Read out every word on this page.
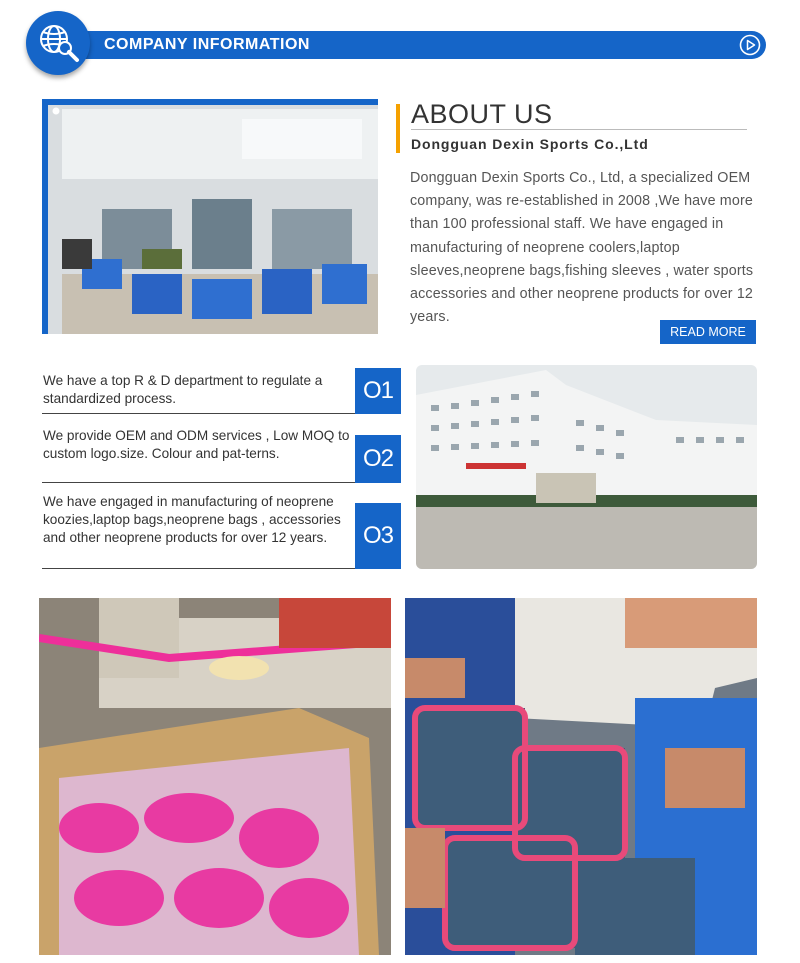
COMPANY INFORMATION
ABOUT US
Dongguan Dexin Sports Co.,Ltd
Dongguan Dexin Sports Co., Ltd, a specialized OEM company, was re-established in 2008 ,We have more than 100 professional staff. We have engaged in manufacturing of neoprene coolers,laptop sleeves,neoprene bags,fishing sleeves , water sports accessories and other neoprene products for over 12 years.
READ MORE
We have a top R & D department to regulate a standardized process.	O1
We provide OEM and ODM services , Low MOQ to custom logo.size. Colour and pat-terns.	O2
We have engaged in manufacturing of neoprene koozies,laptop bags,neoprene bags , accessories and other neoprene products for over 12 years.	O3
